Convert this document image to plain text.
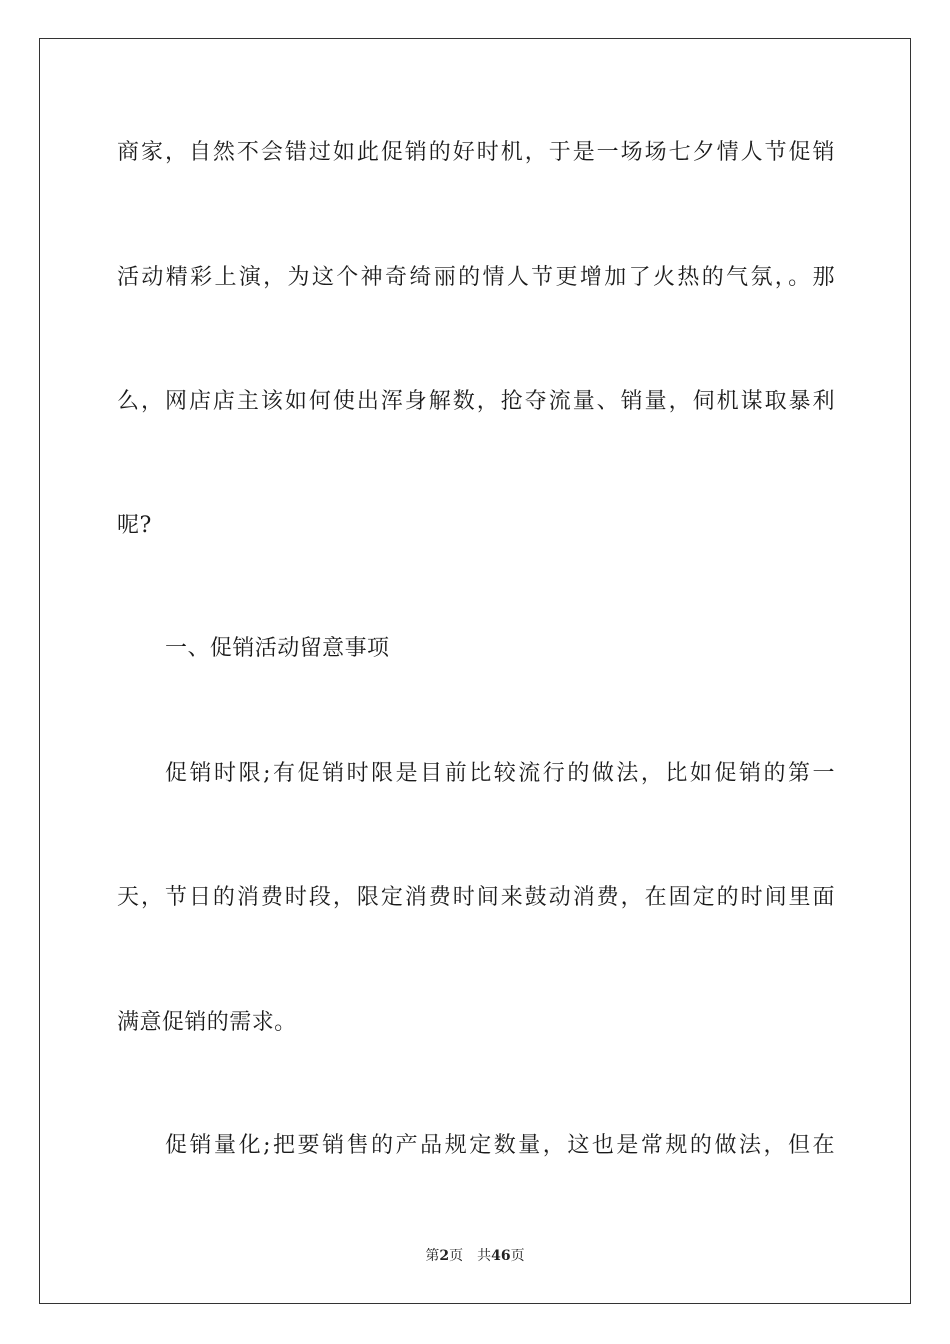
商家，自然不会错过如此促销的好时机，于是一场场七夕情人节促销
活动精彩上演，为这个神奇绮丽的情人节更增加了火热的气氛，。那
么，网店店主该如何使出浑身解数，抢夺流量、销量，伺机谋取暴利
呢?
一、促销活动留意事项
促销时限;有促销时限是目前比较流行的做法，比如促销的第一
天，节日的消费时段，限定消费时间来鼓动消费，在固定的时间里面
满意促销的需求。
促销量化;把要销售的产品规定数量，这也是常规的做法，但在
第2页 共46页
